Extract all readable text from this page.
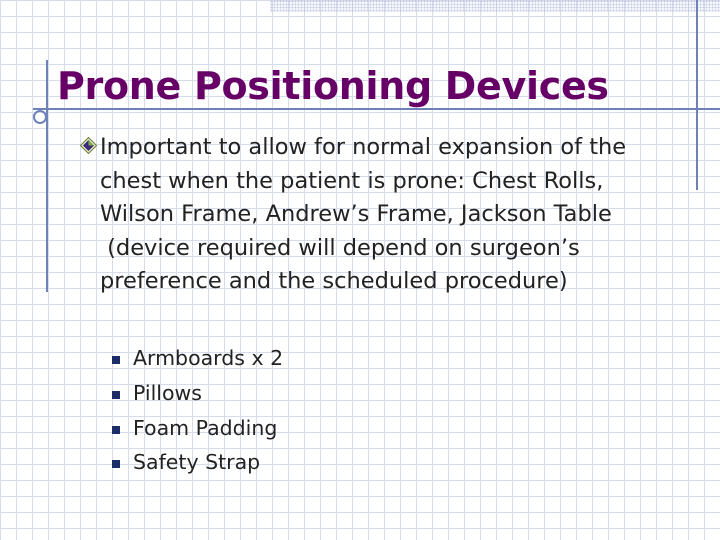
Prone Positioning Devices

Important to allow for normal expansion of the chest when the patient is prone: Chest Rolls, Wilson Frame, Andrew’s Frame, Jackson Table

(device required will depend on surgeon’s preference and the scheduled procedure)

Armboards x 2
Pillows
Foam Padding
Safety Strap
